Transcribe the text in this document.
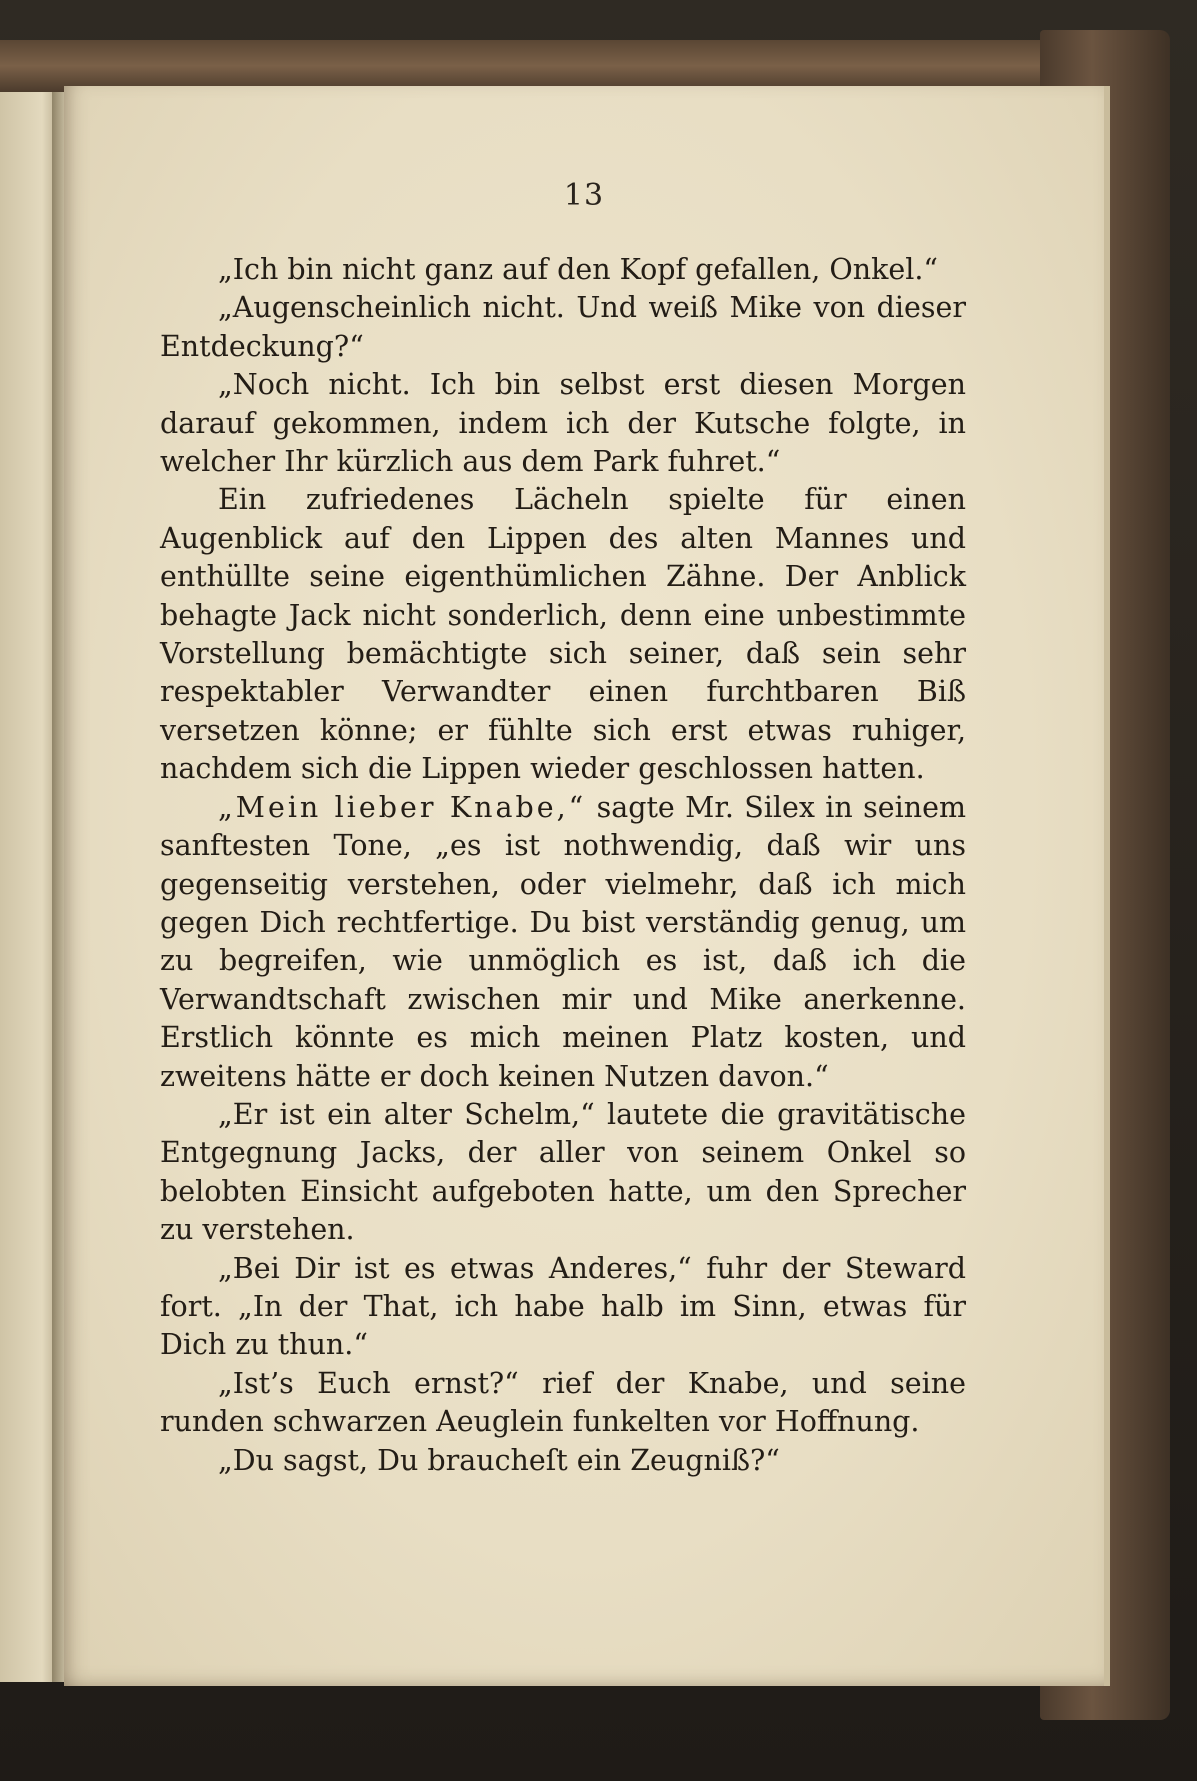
13

„Ich bin nicht ganz auf den Kopf gefallen, Onkel.“

„Augenscheinlich nicht. Und weiß Mike von dieser Entdeckung?“

„Noch nicht. Ich bin selbst erst diesen Morgen darauf gekommen, indem ich der Kutsche folgte, in welcher Ihr kürzlich aus dem Park fuhret.“

Ein zufriedenes Lächeln spielte für einen Augenblick auf den Lippen des alten Mannes und enthüllte seine eigenthümlichen Zähne. Der Anblick behagte Jack nicht sonderlich, denn eine unbestimmte Vorstellung bemächtigte sich seiner, daß sein sehr respektabler Verwandter einen furchtbaren Biß versetzen könne; er fühlte sich erst etwas ruhiger, nachdem sich die Lippen wieder geschlossen hatten.

„Mein lieber Knabe,“ sagte Mr. Silex in seinem sanftesten Tone, „es ist nothwendig, daß wir uns gegenseitig verstehen, oder vielmehr, daß ich mich gegen Dich rechtfertige. Du bist verständig genug, um zu begreifen, wie unmöglich es ist, daß ich die Verwandtschaft zwischen mir und Mike anerkenne. Erstlich könnte es mich meinen Platz kosten, und zweitens hätte er doch keinen Nutzen davon.“

„Er ist ein alter Schelm,“ lautete die gravitätische Entgegnung Jacks, der aller von seinem Onkel so belobten Einsicht aufgeboten hatte, um den Sprecher zu verstehen.

„Bei Dir ist es etwas Anderes,“ fuhr der Steward fort. „In der That, ich habe halb im Sinn, etwas für Dich zu thun.“

„Ist’s Euch ernst?“ rief der Knabe, und seine runden schwarzen Aeuglein funkelten vor Hoffnung.

„Du sagst, Du braucheſt ein Zeugniß?“
